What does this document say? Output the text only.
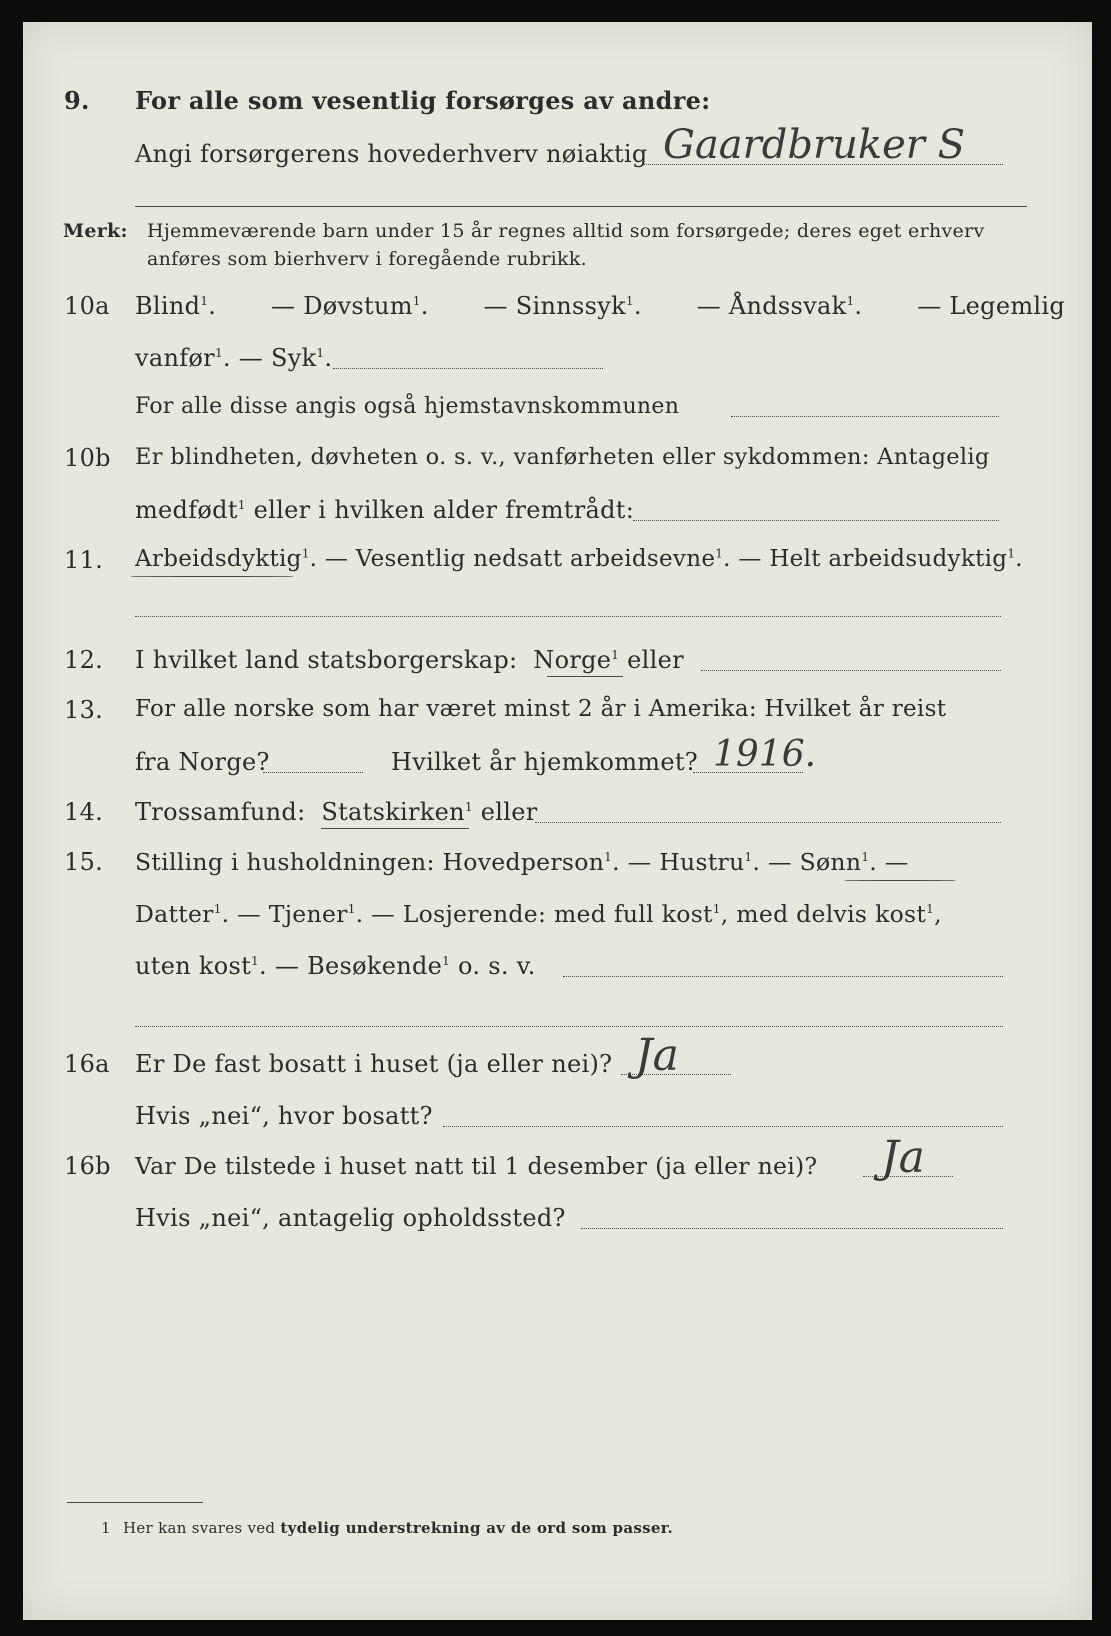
9. For alle som vesentlig forsørges av andre:
Angi forsørgerens hovederhverv nøiaktig Gaardbruker S
Merk: Hjemmeværende barn under 15 år regnes alltid som forsørgede; deres eget erhverv
anføres som bierhverv i foregående rubrikk.
10a Blind$^1$. — Døvstum$^1$. — Sinnssyk$^1$. — Åndssvak$^1$. — Legemlig
vanfør$^1$. — Syk$^1$.
For alle disse angis også hjemstavnskommunen
10b Er blindheten, døvheten o. s. v., vanførheten eller sykdommen: Antagelig
medfødt$^1$ eller i hvilken alder fremtrådt:
11. Arbeidsdyktig$^1$. — Vesentlig nedsatt arbeidsevne$^1$. — Helt arbeidsudyktig$^1$.
12. I hvilket land statsborgerskap: Norge$^1$ eller
13. For alle norske som har været minst 2 år i Amerika: Hvilket år reist
fra Norge?	Hvilket år hjemkommet? 1916.
14. Trossamfund: Statskirken$^1$ eller
15. Stilling i husholdningen: Hovedperson$^1$. — Hustru$^1$. — Sønn$^1$. —
Datter$^1$. — Tjener$^1$. — Losjerende: med full kost$^1$, med delvis kost$^1$,
uten kost$^1$. — Besøkende$^1$ o. s. v.
16a Er De fast bosatt i huset (ja eller nei)? Ja
Hvis „nei“, hvor bosatt?
16b Var De tilstede i huset natt til 1 desember (ja eller nei)? Ja
Hvis „nei“, antagelig opholdssted?
1 Her kan svares ved tydelig understrekning av de ord som passer.
